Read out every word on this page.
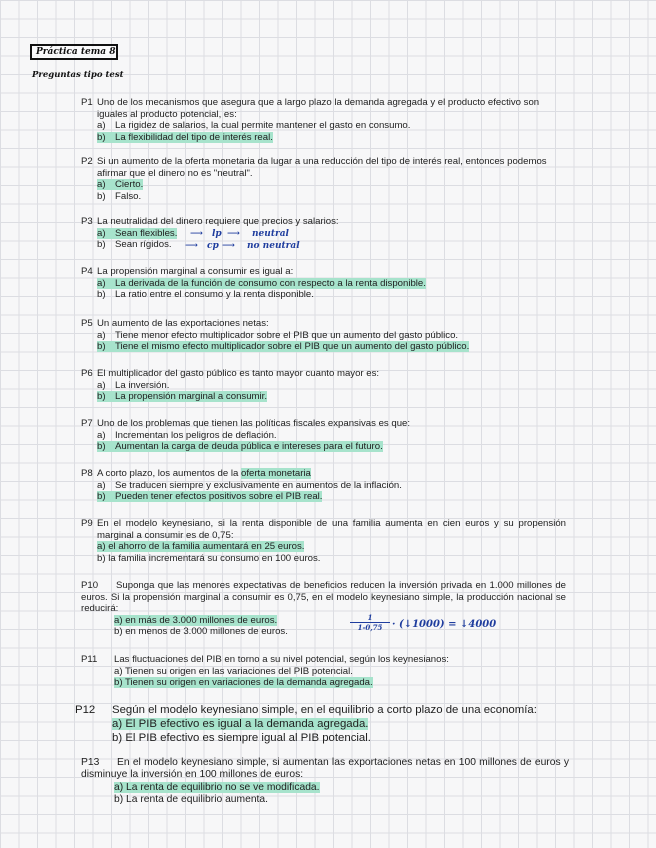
Práctica tema 8
Preguntas tipo test
P1 Uno de los mecanismos que asegura que a largo plazo la demanda agregada y el producto efectivo son iguales al producto potencial, es:
a) La rigidez de salarios, la cual permite mantener el gasto en consumo.
b) La flexibilidad del tipo de interés real.
P2 Si un aumento de la oferta monetaria da lugar a una reducción del tipo de interés real, entonces podemos afirmar que el dinero no es "neutral".
a) Cierto.
b) Falso.
P3 La neutralidad del dinero requiere que precios y salarios:
a) Sean flexibles.
b) Sean rígidos.
⟶ lp ⟶ neutral
⟶ cp ⟶ no neutral
P4 La propensión marginal a consumir es igual a:
a) La derivada de la función de consumo con respecto a la renta disponible.
b) La ratio entre el consumo y la renta disponible.
P5 Un aumento de las exportaciones netas:
a) Tiene menor efecto multiplicador sobre el PIB que un aumento del gasto público.
b) Tiene el mismo efecto multiplicador sobre el PIB que un aumento del gasto público.
P6 El multiplicador del gasto público es tanto mayor cuanto mayor es:
a) La inversión.
b) La propensión marginal a consumir.
P7 Uno de los problemas que tienen las políticas fiscales expansivas es que:
a) Incrementan los peligros de deflación.
b) Aumentan la carga de deuda pública e intereses para el futuro.
P8 A corto plazo, los aumentos de la oferta monetaria
a) Se traducen siempre y exclusivamente en aumentos de la inflación.
b) Pueden tener efectos positivos sobre el PIB real.
P9 En el modelo keynesiano, si la renta disponible de una familia aumenta en cien euros y su propensión marginal a consumir es de 0,75:
a) el ahorro de la familia aumentará en 25 euros.
b) la familia incrementará su consumo en 100 euros.
P10	Suponga que las menores expectativas de beneficios reducen la inversión privada en 1.000 millones de euros. Si la propensión marginal a consumir es 0,75, en el modelo keynesiano simple, la producción nacional se reducirá:
a) en más de 3.000 millones de euros.
b) en menos de 3.000 millones de euros.	$\frac{1}{1-0,75}$ · (↓1000) = ↓4000
P11	Las fluctuaciones del PIB en torno a su nivel potencial, según los keynesianos:
a) Tienen su origen en las variaciones del PIB potencial.
b) Tienen su origen en variaciones de la demanda agregada.
P12	Según el modelo keynesiano simple, en el equilibrio a corto plazo de una economía:
a) El PIB efectivo es igual a la demanda agregada.
b) El PIB efectivo es siempre igual al PIB potencial.
P13	En el modelo keynesiano simple, si aumentan las exportaciones netas en 100 millones de euros y disminuye la inversión en 100 millones de euros:
a) La renta de equilibrio no se ve modificada.
b) La renta de equilibrio aumenta.
